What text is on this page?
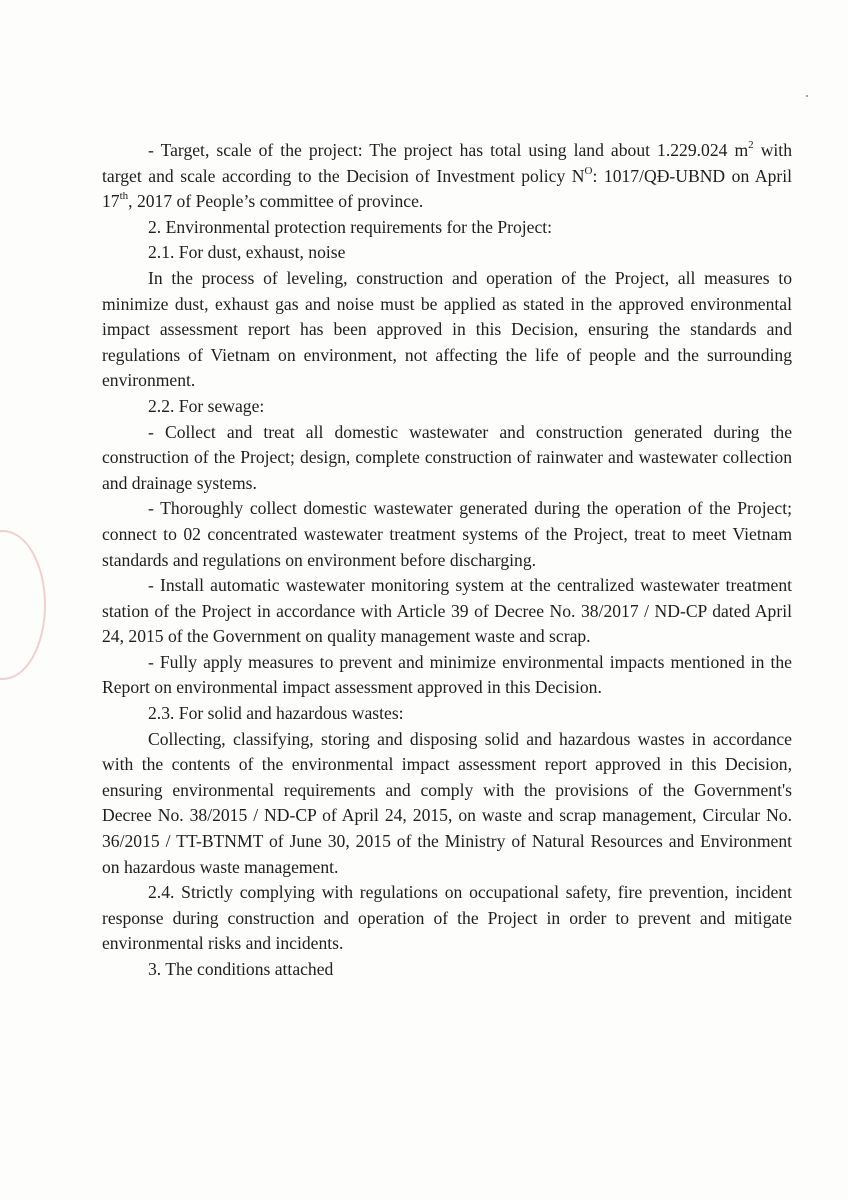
- Target, scale of the project: The project has total using land about 1.229.024 $m^2$ with target and scale according to the Decision of Investment policy $N^O$: 1017/QĐ-UBND on April 17th, 2017 of People’s committee of province.

2. Environmental protection requirements for the Project:

2.1. For dust, exhaust, noise

In the process of leveling, construction and operation of the Project, all measures to minimize dust, exhaust gas and noise must be applied as stated in the approved environmental impact assessment report has been approved in this Decision, ensuring the standards and regulations of Vietnam on environment, not affecting the life of people and the surrounding environment.

2.2. For sewage:

- Collect and treat all domestic wastewater and construction generated during the construction of the Project; design, complete construction of rainwater and wastewater collection and drainage systems.

- Thoroughly collect domestic wastewater generated during the operation of the Project; connect to 02 concentrated wastewater treatment systems of the Project, treat to meet Vietnam standards and regulations on environment before discharging.

- Install automatic wastewater monitoring system at the centralized wastewater treatment station of the Project in accordance with Article 39 of Decree No. 38/2017 / ND-CP dated April 24, 2015 of the Government on quality management waste and scrap.

- Fully apply measures to prevent and minimize environmental impacts mentioned in the Report on environmental impact assessment approved in this Decision.

2.3. For solid and hazardous wastes:

Collecting, classifying, storing and disposing solid and hazardous wastes in accordance with the contents of the environmental impact assessment report approved in this Decision, ensuring environmental requirements and comply with the provisions of the Government's Decree No. 38/2015 / ND-CP of April 24, 2015, on waste and scrap management, Circular No. 36/2015 / TT-BTNMT of June 30, 2015 of the Ministry of Natural Resources and Environment on hazardous waste management.

2.4. Strictly complying with regulations on occupational safety, fire prevention, incident response during construction and operation of the Project in order to prevent and mitigate environmental risks and incidents.

3. The conditions attached
